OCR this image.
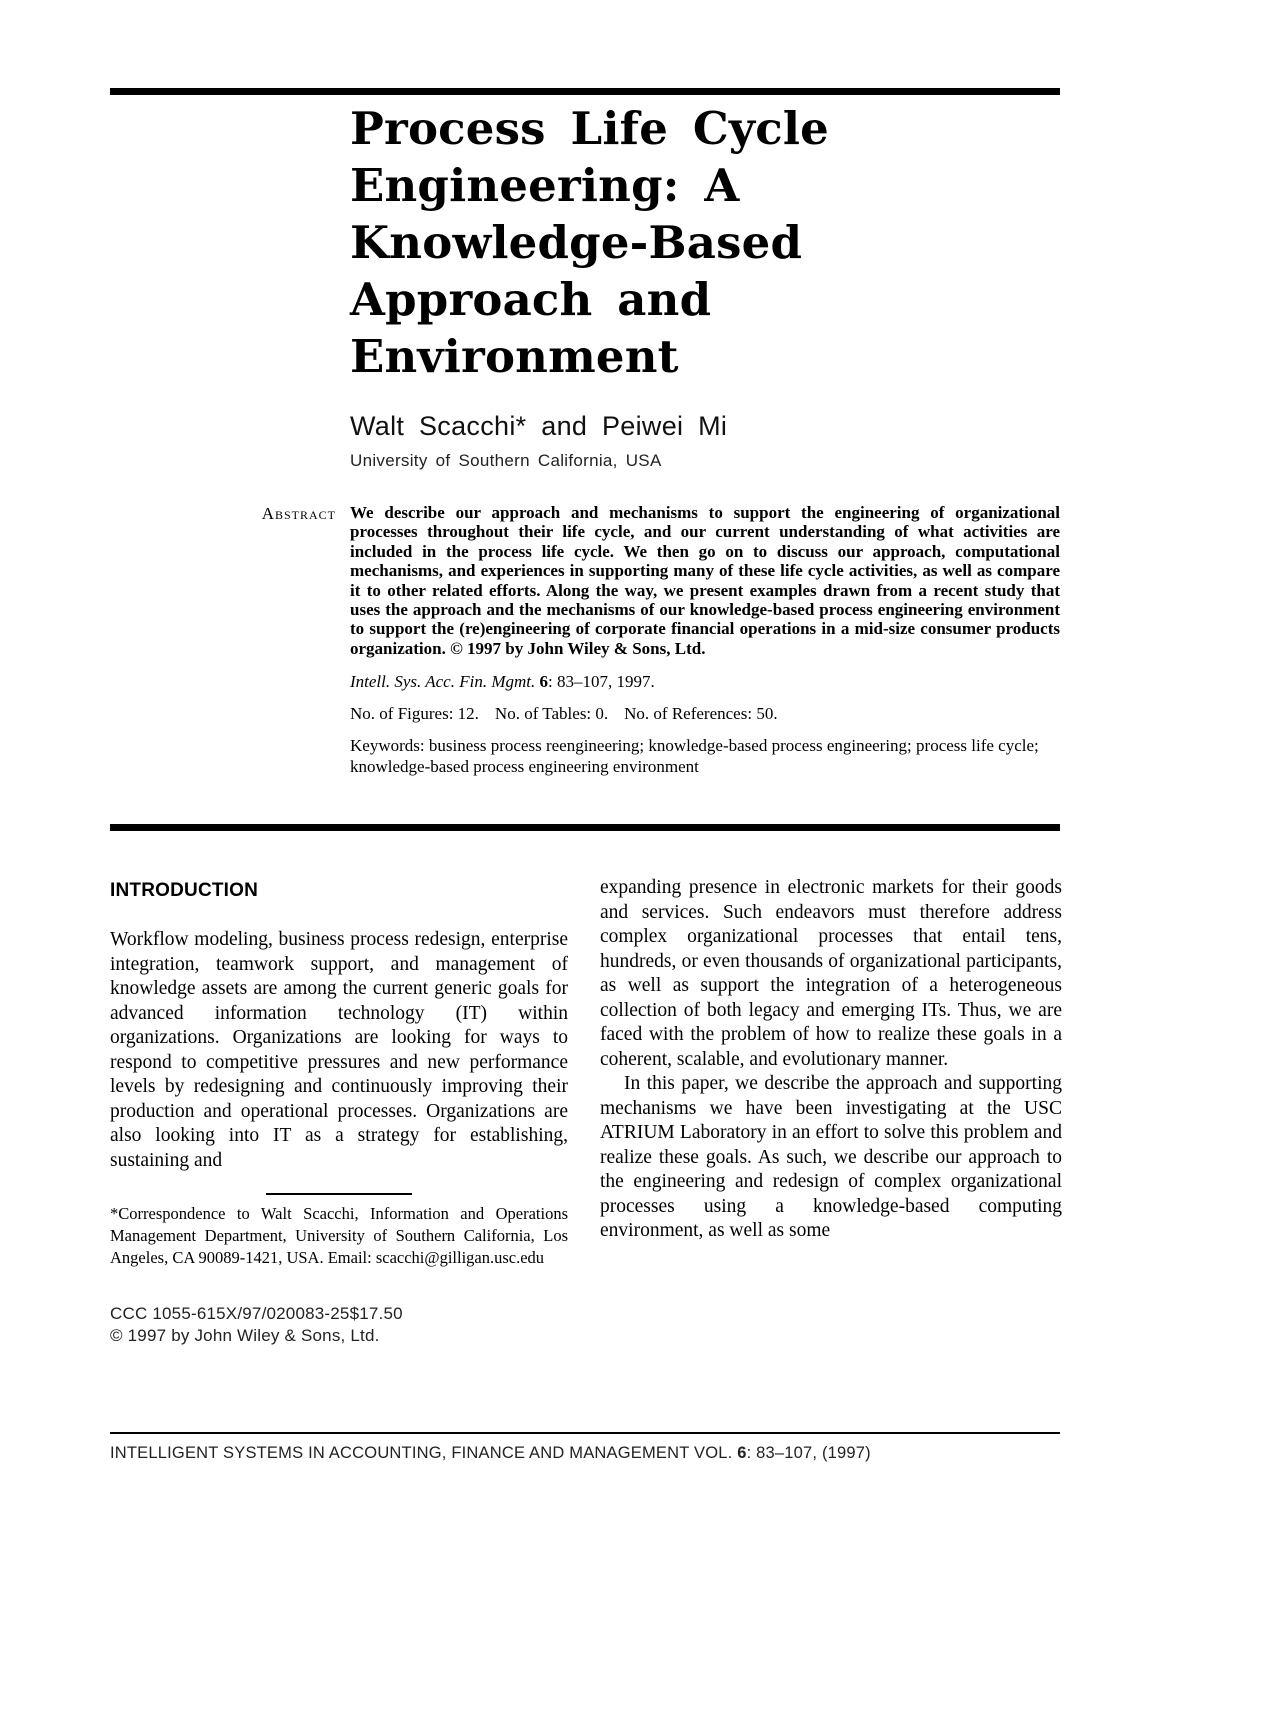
Process Life Cycle
Engineering: A
Knowledge-Based
Approach and
Environment
Walt Scacchi* and Peiwei Mi
University of Southern California, USA
Abstract We describe our approach and mechanisms to support the engineering of organizational processes throughout their life cycle, and our current understanding of what activities are included in the process life cycle. We then go on to discuss our approach, computational mechanisms, and experiences in supporting many of these life cycle activities, as well as compare it to other related efforts. Along the way, we present examples drawn from a recent study that uses the approach and the mechanisms of our knowledge-based process engineering environment to support the (re)engineering of corporate financial operations in a mid-size consumer products organization. © 1997 by John Wiley & Sons, Ltd.

Intell. Sys. Acc. Fin. Mgmt. 6: 83–107, 1997.
No. of Figures: 12. No. of Tables: 0. No. of References: 50.
Keywords: business process reengineering; knowledge-based process engineering; process life cycle; knowledge-based process engineering environment
INTRODUCTION

Workflow modeling, business process redesign, enterprise integration, teamwork support, and management of knowledge assets are among the current generic goals for advanced information technology (IT) within organizations. Organizations are looking for ways to respond to competitive pressures and new performance levels by redesigning and continuously improving their production and operational processes. Organizations are also looking into IT as a strategy for establishing, sustaining and

*Correspondence to Walt Scacchi, Information and Operations Management Department, University of Southern California, Los Angeles, CA 90089-1421, USA. Email: scacchi@gilligan.usc.edu

CCC 1055-615X/97/020083-25$17.50
© 1997 by John Wiley & Sons, Ltd.

expanding presence in electronic markets for their goods and services. Such endeavors must therefore address complex organizational processes that entail tens, hundreds, or even thousands of organizational participants, as well as support the integration of a heterogeneous collection of both legacy and emerging ITs. Thus, we are faced with the problem of how to realize these goals in a coherent, scalable, and evolutionary manner.

In this paper, we describe the approach and supporting mechanisms we have been investigating at the USC ATRIUM Laboratory in an effort to solve this problem and realize these goals. As such, we describe our approach to the engineering and redesign of complex organizational processes using a knowledge-based computing environment, as well as some

INTELLIGENT SYSTEMS IN ACCOUNTING, FINANCE AND MANAGEMENT VOL. 6: 83–107, (1997)
